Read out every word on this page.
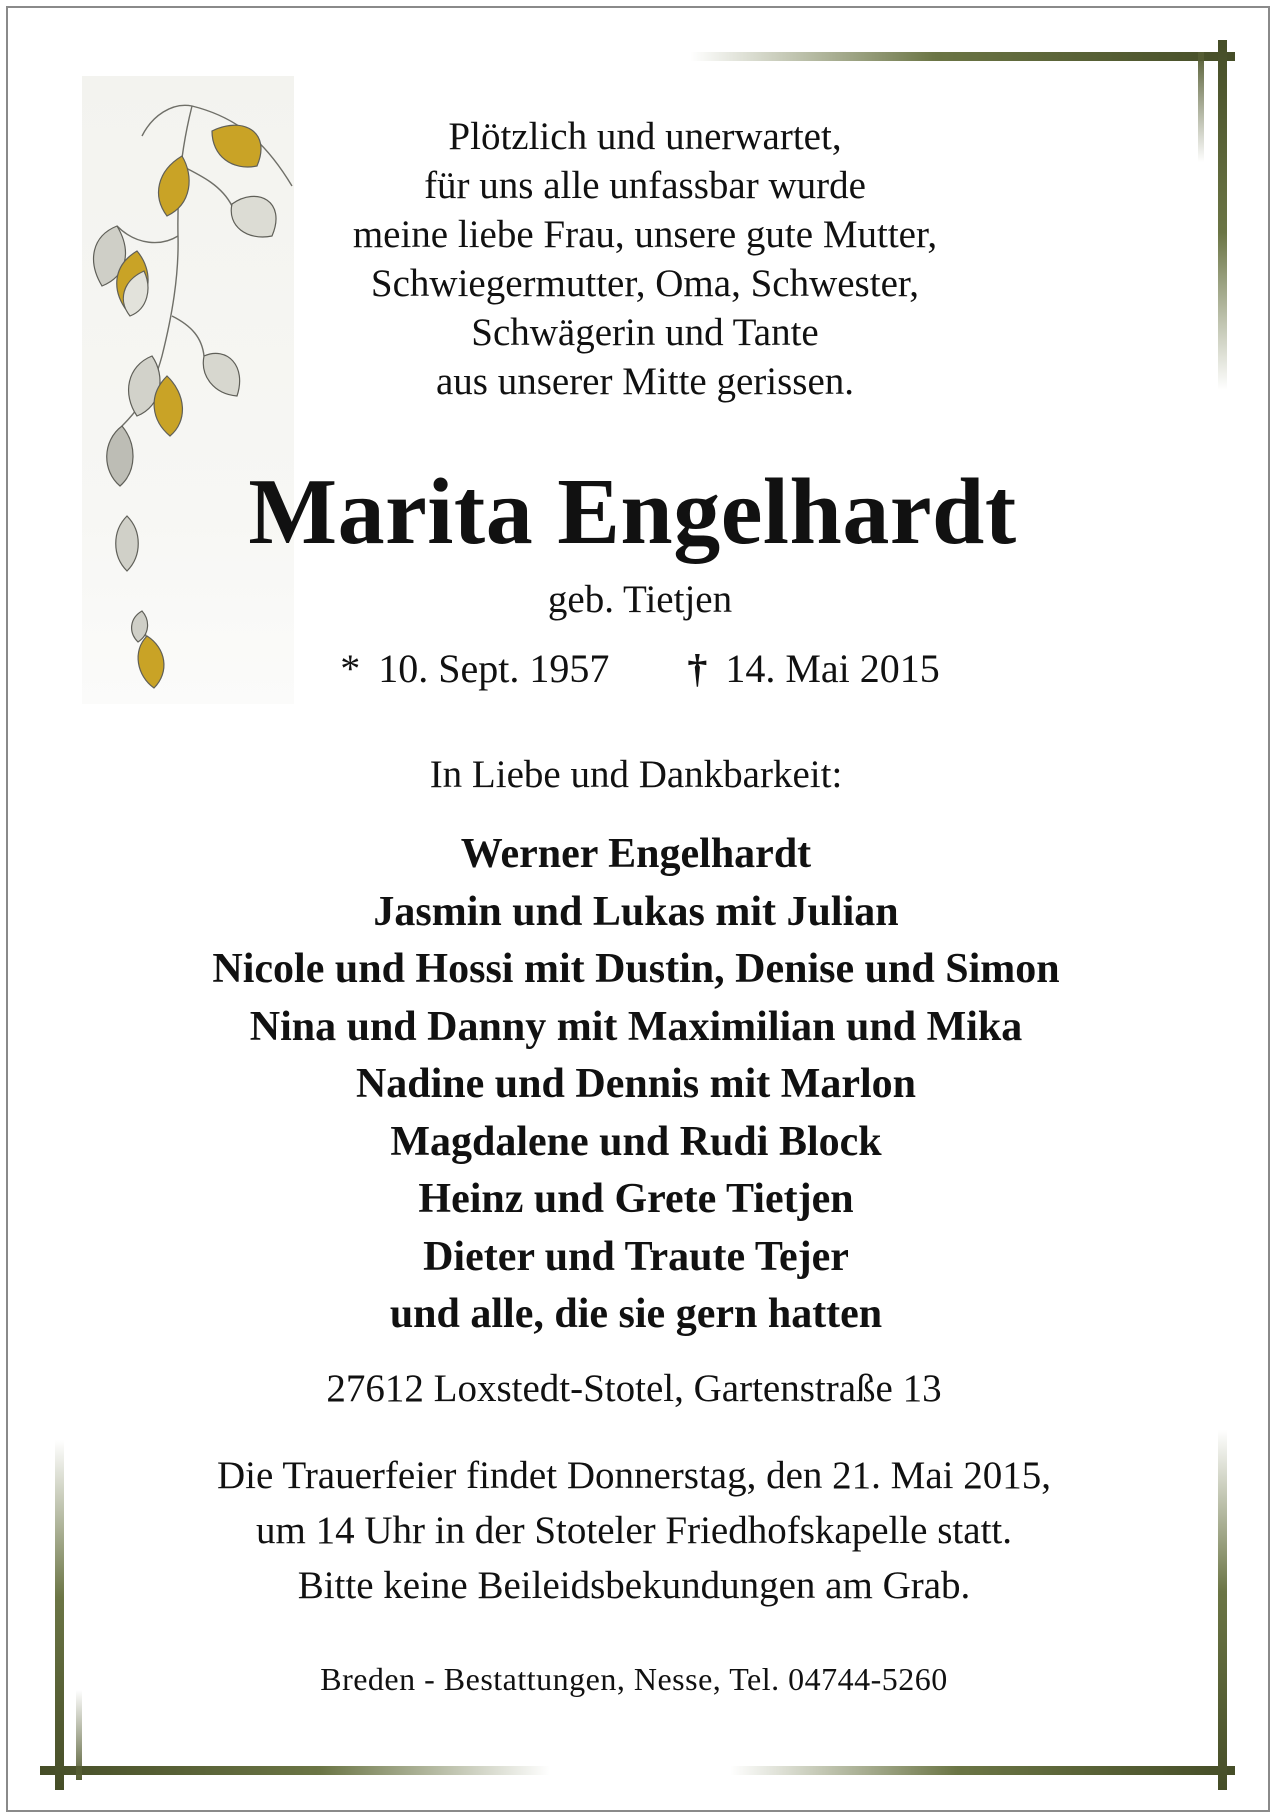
Plötzlich und unerwartet,
für uns alle unfassbar wurde
meine liebe Frau, unsere gute Mutter,
Schwiegermutter, Oma, Schwester,
Schwägerin und Tante
aus unserer Mitte gerissen.
Marita Engelhardt
geb. Tietjen
* 10. Sept. 1957 † 14. Mai 2015
In Liebe und Dankbarkeit:
Werner Engelhardt
Jasmin und Lukas mit Julian
Nicole und Hossi mit Dustin, Denise und Simon
Nina und Danny mit Maximilian und Mika
Nadine und Dennis mit Marlon
Magdalene und Rudi Block
Heinz und Grete Tietjen
Dieter und Traute Tejer
und alle, die sie gern hatten
27612 Loxstedt-Stotel, Gartenstraße 13
Die Trauerfeier findet Donnerstag, den 21. Mai 2015,
um 14 Uhr in der Stoteler Friedhofskapelle statt.
Bitte keine Beileidsbekundungen am Grab.
Breden - Bestattungen, Nesse, Tel. 04744-5260
